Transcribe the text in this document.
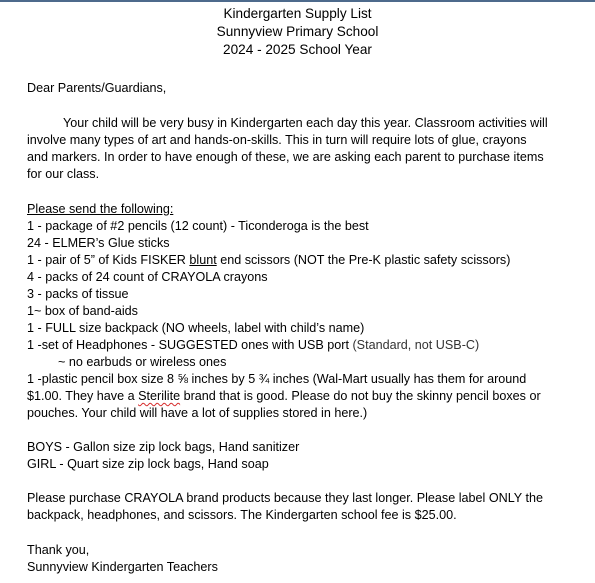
Kindergarten Supply List
Sunnyview Primary School
2024 - 2025 School Year
Dear Parents/Guardians,
Your child will be very busy in Kindergarten each day this year. Classroom activities will
involve many types of art and hands-on-skills. This in turn will require lots of glue, crayons
and markers. In order to have enough of these, we are asking each parent to purchase items
for our class.
Please send the following:
1 - package of #2 pencils (12 count) - Ticonderoga is the best
24 - ELMER’s Glue sticks
1 - pair of 5” of Kids FISKER blunt end scissors (NOT the Pre-K plastic safety scissors)
4 - packs of 24 count of CRAYOLA crayons
3 - packs of tissue
1~ box of band-aids
1 - FULL size backpack (NO wheels, label with child’s name)
1 -set of Headphones - SUGGESTED ones with USB port (Standard, not USB-C)
~ no earbuds or wireless ones
1 -plastic pencil box size 8 ⅝ inches by 5 ¾ inches (Wal-Mart usually has them for around
$1.00. They have a Sterilite brand that is good. Please do not buy the skinny pencil boxes or
pouches. Your child will have a lot of supplies stored in here.)
BOYS - Gallon size zip lock bags, Hand sanitizer
GIRL - Quart size zip lock bags, Hand soap
Please purchase CRAYOLA brand products because they last longer. Please label ONLY the
backpack, headphones, and scissors. The Kindergarten school fee is $25.00.
Thank you,
Sunnyview Kindergarten Teachers
